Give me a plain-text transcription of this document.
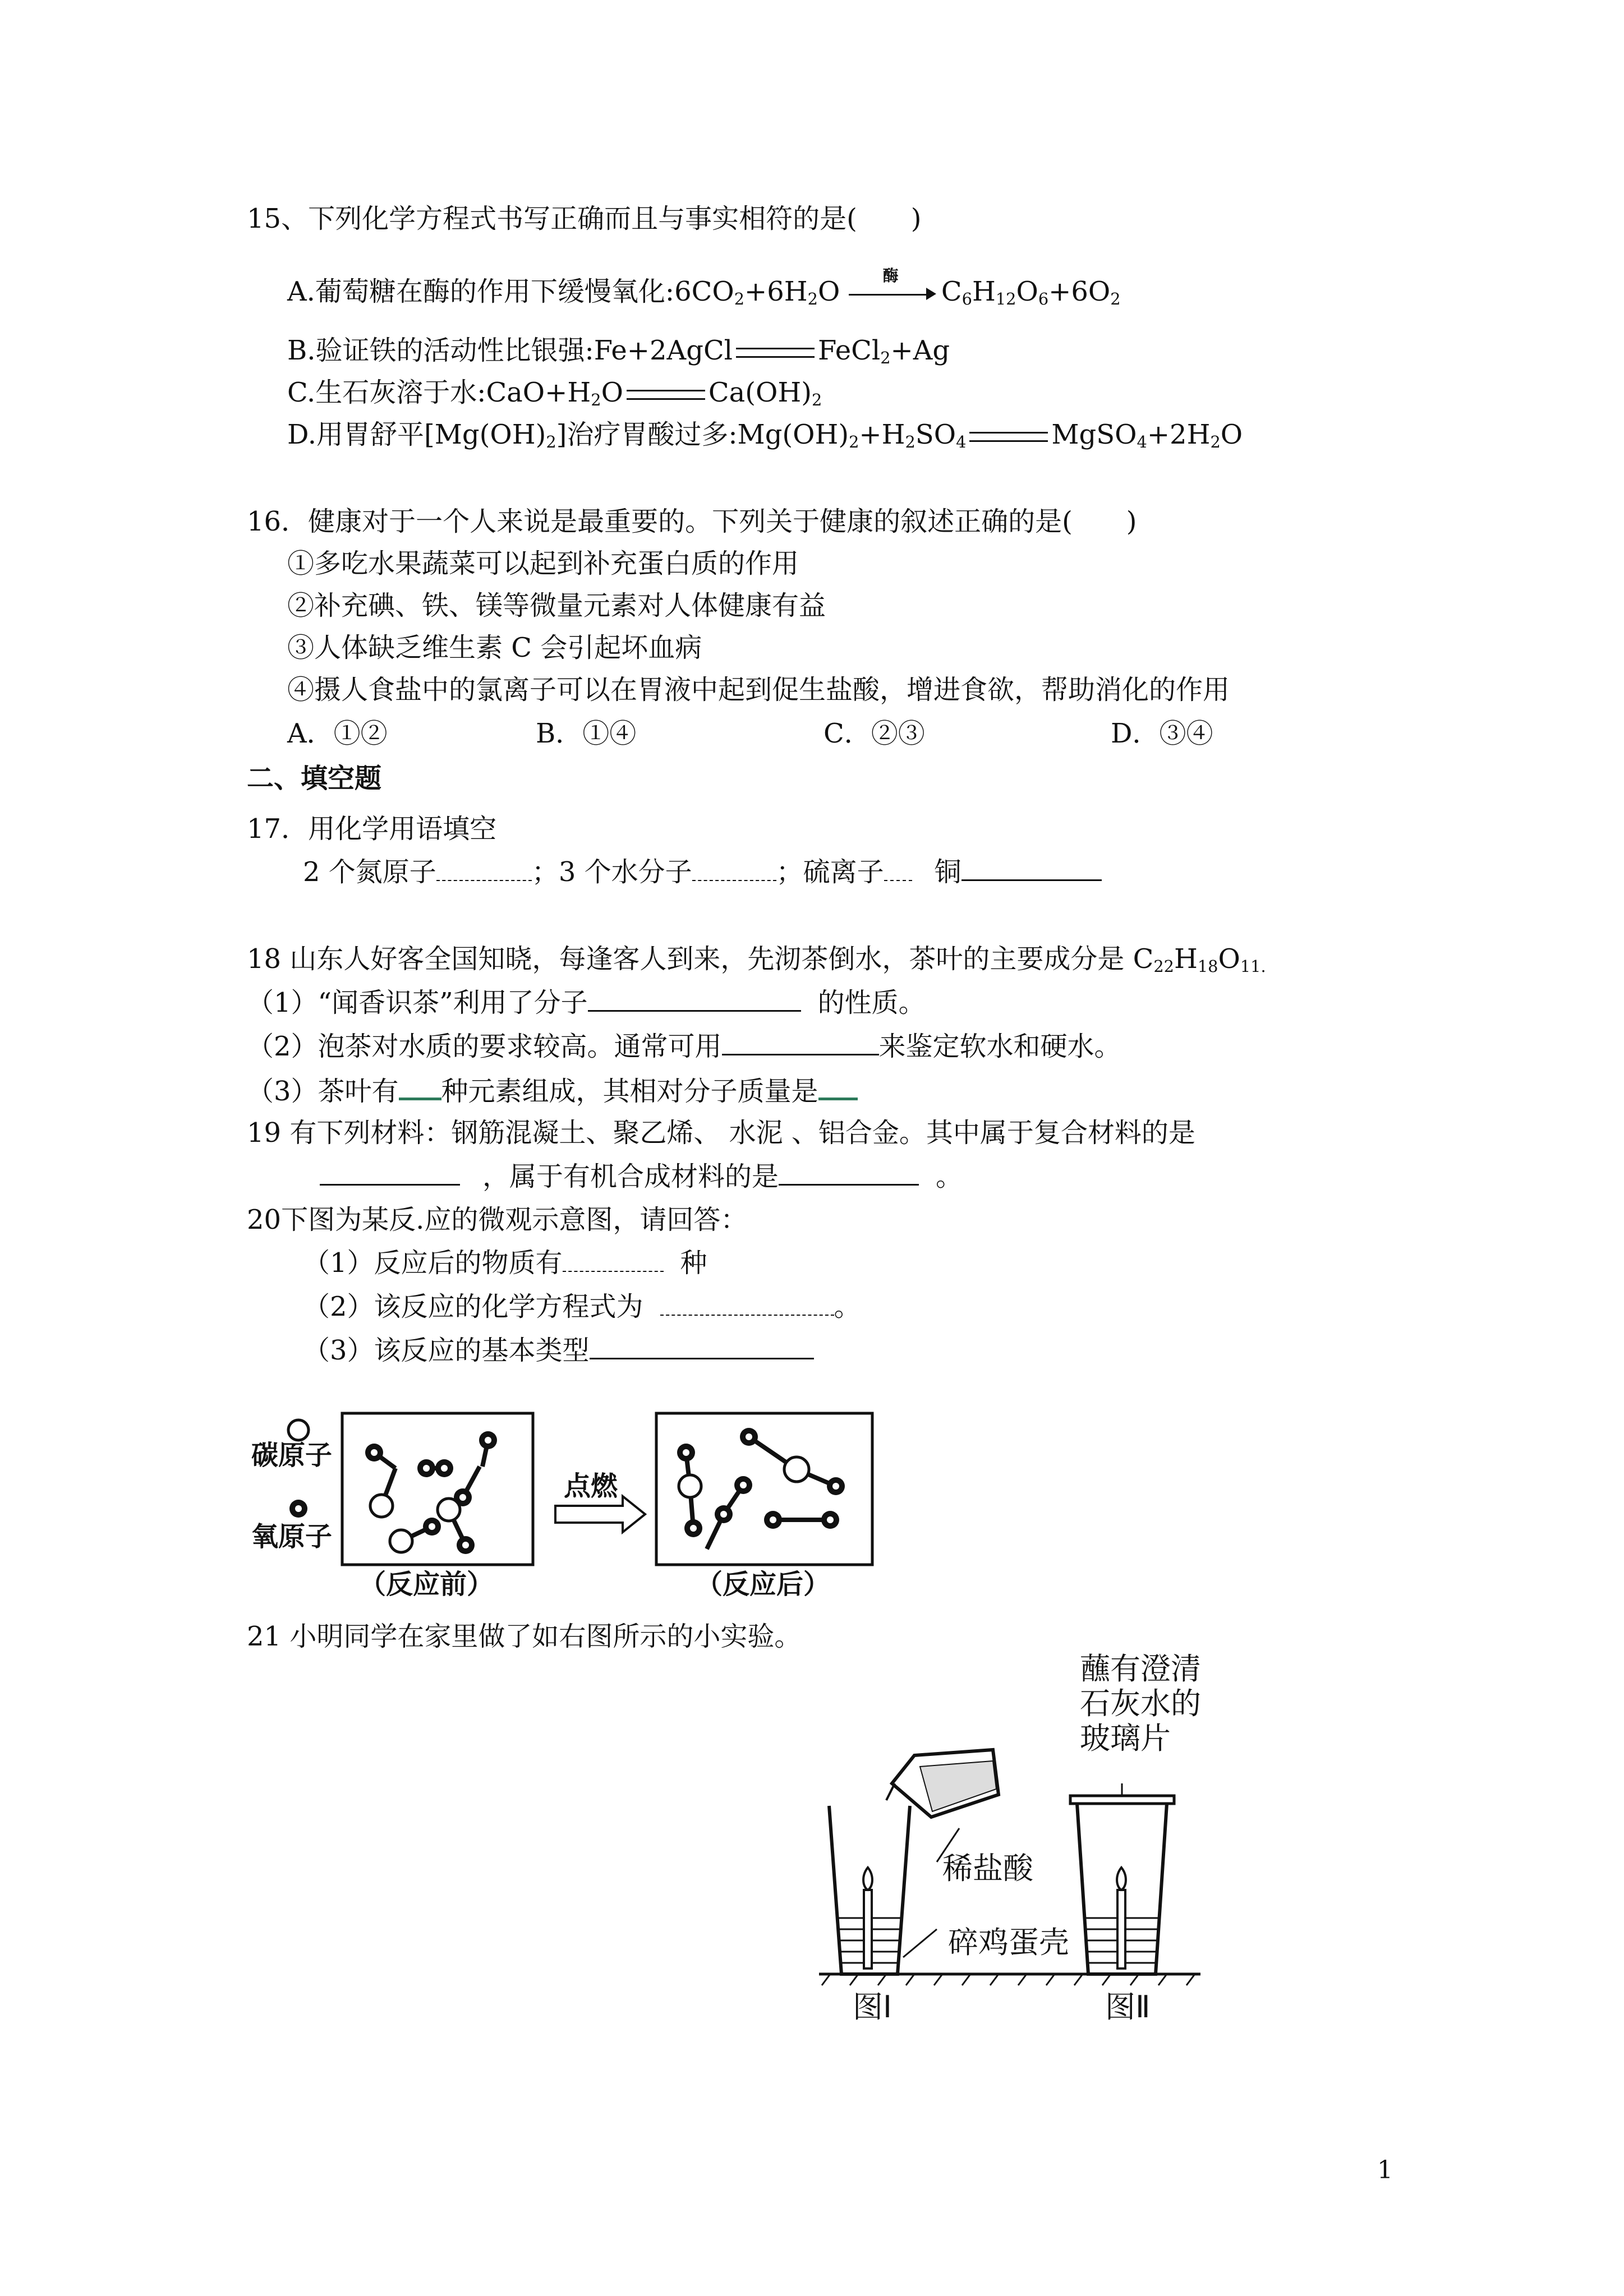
15、下列化学方程式书写正确而且与事实相符的是(　　)
A.葡萄糖在酶的作用下缓慢氧化$:6CO_2+6H_2O$
酶
$C_6H_{12}O_6+6O_2$
B.验证铁的活动性比银强:Fe+2AgCl	FeCl$_2$+Ag
C.生石灰溶于水$:CaO+H_2O$	$Ca(OH)_2$
D.用胃舒平$[Mg(OH)_2]$治疗胃酸过多$:Mg(OH)_2+H_2SO_4$	$MgSO_4+2H_2O$
16．健康对于一个人来说是最重要的。下列关于健康的叙述正确的是(　　)
①多吃水果蔬菜可以起到补充蛋白质的作用
②补充碘、铁、镁等微量元素对人体健康有益
③人体缺乏维生素 C 会引起坏血病
④摄人食盐中的氯离子可以在胃液中起到促生盐酸，增进食欲，帮助消化的作用
A．①②	B．①④	C．②③	D．③④
二、填空题
17．用化学用语填空
2 个氮原子	；3 个水分子	；硫离子 铜
18 山东人好客全国知晓，每逢客人到来，先沏茶倒水，茶叶的主要成分是 $C_{22}H_{18}O_{11.}$
（1）“闻香识茶”利用了分子	的性质。
（2）泡茶对水质的要求较高。通常可用	来鉴定软水和硬水。
（3）茶叶有 种元素组成，其相对分子质量是
19 有下列材料：钢筋混凝土、聚乙烯、 水泥 、铝合金。其中属于复合材料的是
，属于有机合成材料的是	。
20下图为某反.应的微观示意图，请回答：
（1）反应后的物质有	种
（2）该反应的化学方程式为	。
（3）该反应的基本类型
碳原子
氧原子
点燃
（反应前）	（反应后）
21 小明同学在家里做了如右图所示的小实验。
蘸有澄清
石灰水的
玻璃片
稀盐酸
碎鸡蛋壳
图Ⅰ	图Ⅱ
1
